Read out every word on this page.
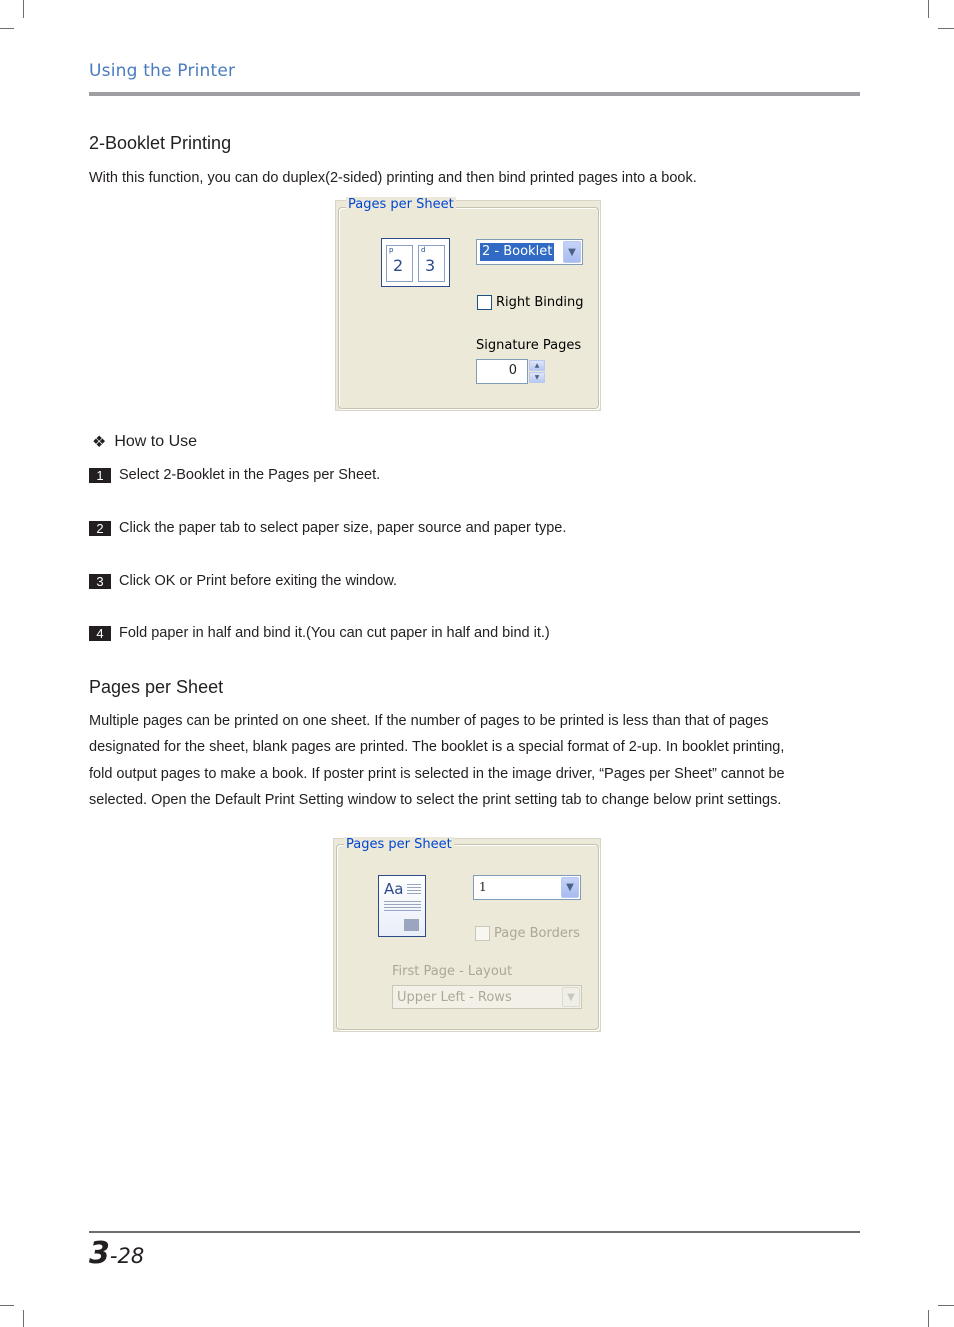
Using the Printer
2-Booklet Printing
With this function, you can do duplex(2-sided) printing and then bind printed pages into a book.
Pages per Sheet
p
2
d
3
2 - Booklet	▼
Right Binding
Signature Pages
0	▲
▼
❖ How to Use
1	Select 2-Booklet in the Pages per Sheet.
2	Click the paper tab to select paper size, paper source and paper type.
3	Click OK or Print before exiting the window.
4	Fold paper in half and bind it.(You can cut paper in half and bind it.)
Pages per Sheet
Multiple pages can be printed on one sheet. If the number of pages to be printed is less than that of pages
designated for the sheet, blank pages are printed. The booklet is a special format of 2-up. In booklet printing,
fold output pages to make a book. If poster print is selected in the image driver, “Pages per Sheet” cannot be
selected. Open the Default Print Setting window to select the print setting tab to change below print settings.
Pages per Sheet
Aa	1	▼
Page Borders
First Page - Layout
Upper Left - Rows	▼
3-28
